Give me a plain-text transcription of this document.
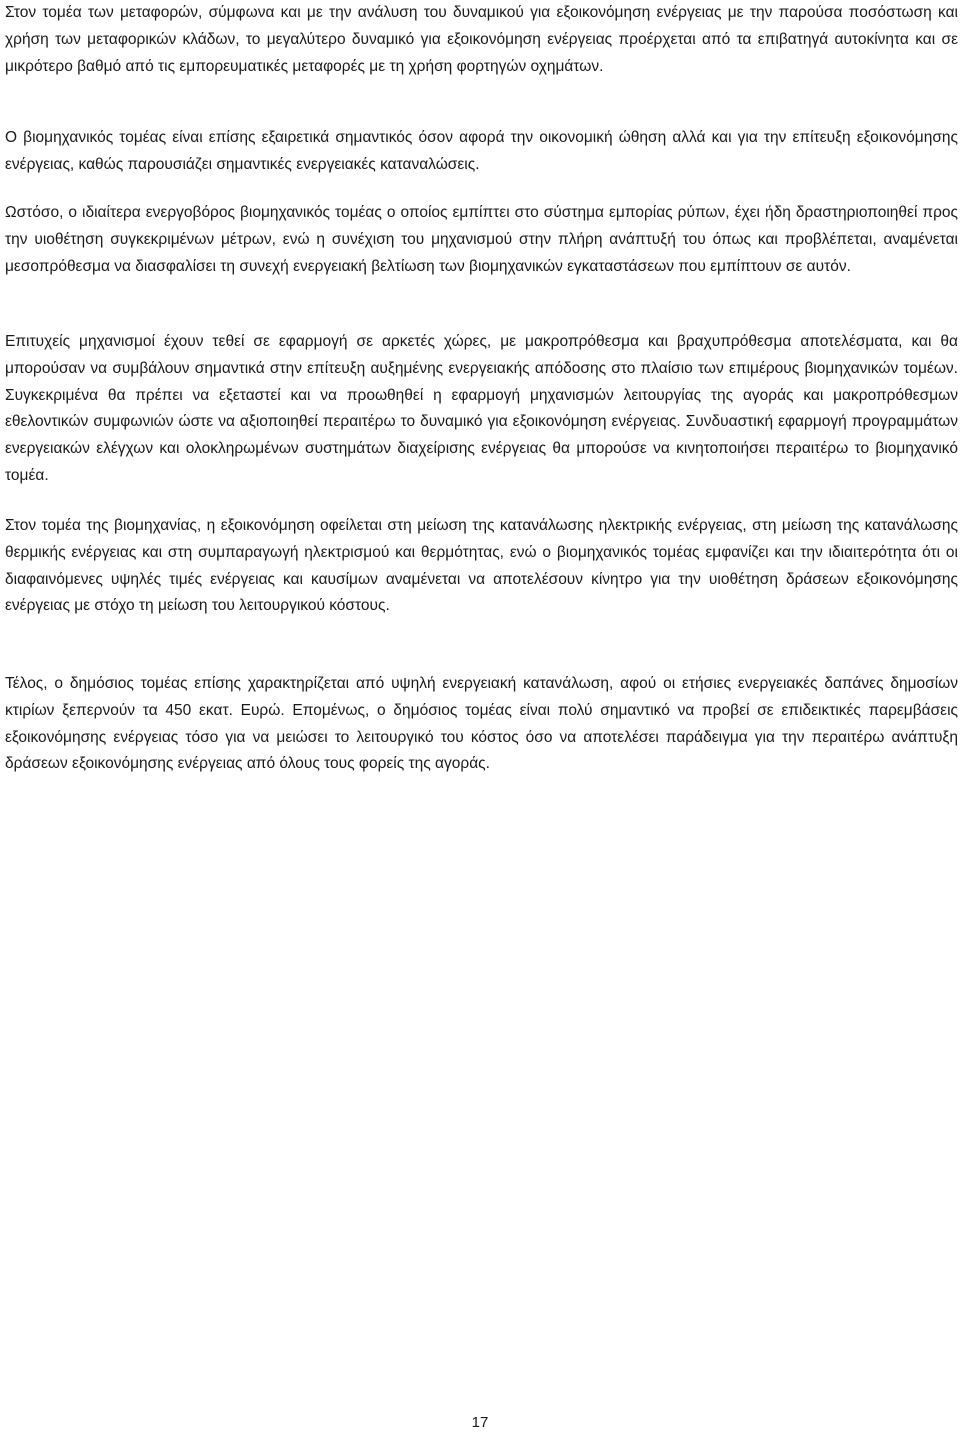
Στον τομέα των μεταφορών, σύμφωνα και με την ανάλυση του δυναμικού για εξοικονόμηση ενέργειας με την παρούσα ποσόστωση και χρήση των μεταφορικών κλάδων, το μεγαλύτερο δυναμικό για εξοικονόμηση ενέργειας προέρχεται από τα επιβατηγά αυτοκίνητα και σε μικρότερο βαθμό από τις εμπορευματικές μεταφορές με τη χρήση φορτηγών οχημάτων.

Ο βιομηχανικός τομέας είναι επίσης εξαιρετικά σημαντικός όσον αφορά την οικονομική ώθηση αλλά και για την επίτευξη εξοικονόμησης ενέργειας, καθώς παρουσιάζει σημαντικές ενεργειακές καταναλώσεις.

Ωστόσο, ο ιδιαίτερα ενεργοβόρος βιομηχανικός τομέας ο οποίος εμπίπτει στο σύστημα εμπορίας ρύπων, έχει ήδη δραστηριοποιηθεί προς την υιοθέτηση συγκεκριμένων μέτρων, ενώ η συνέχιση του μηχανισμού στην πλήρη ανάπτυξή του όπως και προβλέπεται, αναμένεται μεσοπρόθεσμα να διασφαλίσει τη συνεχή ενεργειακή βελτίωση των βιομηχανικών εγκαταστάσεων που εμπίπτουν σε αυτόν.

Επιτυχείς μηχανισμοί έχουν τεθεί σε εφαρμογή σε αρκετές χώρες, με μακροπρόθεσμα και βραχυπρόθεσμα αποτελέσματα, και θα μπορούσαν να συμβάλουν σημαντικά στην επίτευξη αυξημένης ενεργειακής απόδοσης στο πλαίσιο των επιμέρους βιομηχανικών τομέων. Συγκεκριμένα θα πρέπει να εξεταστεί και να προωθηθεί η εφαρμογή μηχανισμών λειτουργίας της αγοράς και μακροπρόθεσμων εθελοντικών συμφωνιών ώστε να αξιοποιηθεί περαιτέρω το δυναμικό για εξοικονόμηση ενέργειας. Συνδυαστική εφαρμογή προγραμμάτων ενεργειακών ελέγχων και ολοκληρωμένων συστημάτων διαχείρισης ενέργειας θα μπορούσε να κινητοποιήσει περαιτέρω το βιομηχανικό τομέα.

Στον τομέα της βιομηχανίας, η εξοικονόμηση οφείλεται στη μείωση της κατανάλωσης ηλεκτρικής ενέργειας, στη μείωση της κατανάλωσης θερμικής ενέργειας και στη συμπαραγωγή ηλεκτρισμού και θερμότητας, ενώ ο βιομηχανικός τομέας εμφανίζει και την ιδιαιτερότητα ότι οι διαφαινόμενες υψηλές τιμές ενέργειας και καυσίμων αναμένεται να αποτελέσουν κίνητρο για την υιοθέτηση δράσεων εξοικονόμησης ενέργειας με στόχο τη μείωση του λειτουργικού κόστους.

Τέλος, ο δημόσιος τομέας επίσης χαρακτηρίζεται από υψηλή ενεργειακή κατανάλωση, αφού οι ετήσιες ενεργειακές δαπάνες δημοσίων κτιρίων ξεπερνούν τα 450 εκατ. Ευρώ. Επομένως, ο δημόσιος τομέας είναι πολύ σημαντικό να προβεί σε επιδεικτικές παρεμβάσεις εξοικονόμησης ενέργειας τόσο για να μειώσει το λειτουργικό του κόστος όσο να αποτελέσει παράδειγμα για την περαιτέρω ανάπτυξη δράσεων εξοικονόμησης ενέργειας από όλους τους φορείς της αγοράς.

17
